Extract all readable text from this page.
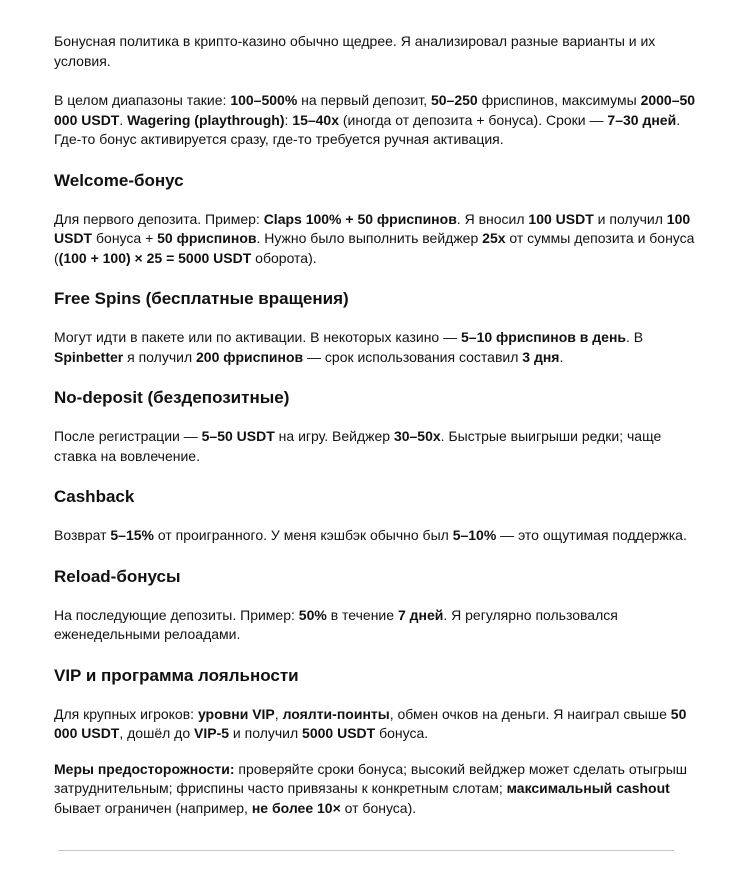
Бонусная политика в крипто-казино обычно щедрее. Я анализировал разные варианты и их условия.

В целом диапазоны такие: 100–500% на первый депозит, 50–250 фриспинов, максимумы 2000–50 000 USDT. Wagering (playthrough): 15–40x (иногда от депозита + бонуса). Сроки — 7–30 дней. Где-то бонус активируется сразу, где-то требуется ручная активация.

Welcome-бонус

Для первого депозита. Пример: Claps 100% + 50 фриспинов. Я вносил 100 USDT и получил 100 USDT бонуса + 50 фриспинов. Нужно было выполнить вейджер 25x от суммы депозита и бонуса ((100 + 100) × 25 = 5000 USDT оборота).

Free Spins (бесплатные вращения)

Могут идти в пакете или по активации. В некоторых казино — 5–10 фриспинов в день. В Spinbetter я получил 200 фриспинов — срок использования составил 3 дня.

No-deposit (бездепозитные)

После регистрации — 5–50 USDT на игру. Вейджер 30–50x. Быстрые выигрыши редки; чаще ставка на вовлечение.

Cashback

Возврат 5–15% от проигранного. У меня кэшбэк обычно был 5–10% — это ощутимая поддержка.

Reload-бонусы

На последующие депозиты. Пример: 50% в течение 7 дней. Я регулярно пользовался еженедельными релоадами.

VIP и программа лояльности

Для крупных игроков: уровни VIP, лоялти-поинты, обмен очков на деньги. Я наиграл свыше 50 000 USDT, дошёл до VIP-5 и получил 5000 USDT бонуса.

Меры предосторожности: проверяйте сроки бонуса; высокий вейджер может сделать отыгрыш затруднительным; фриспины часто привязаны к конкретным слотам; максимальный cashout бывает ограничен (например, не более 10× от бонуса).
